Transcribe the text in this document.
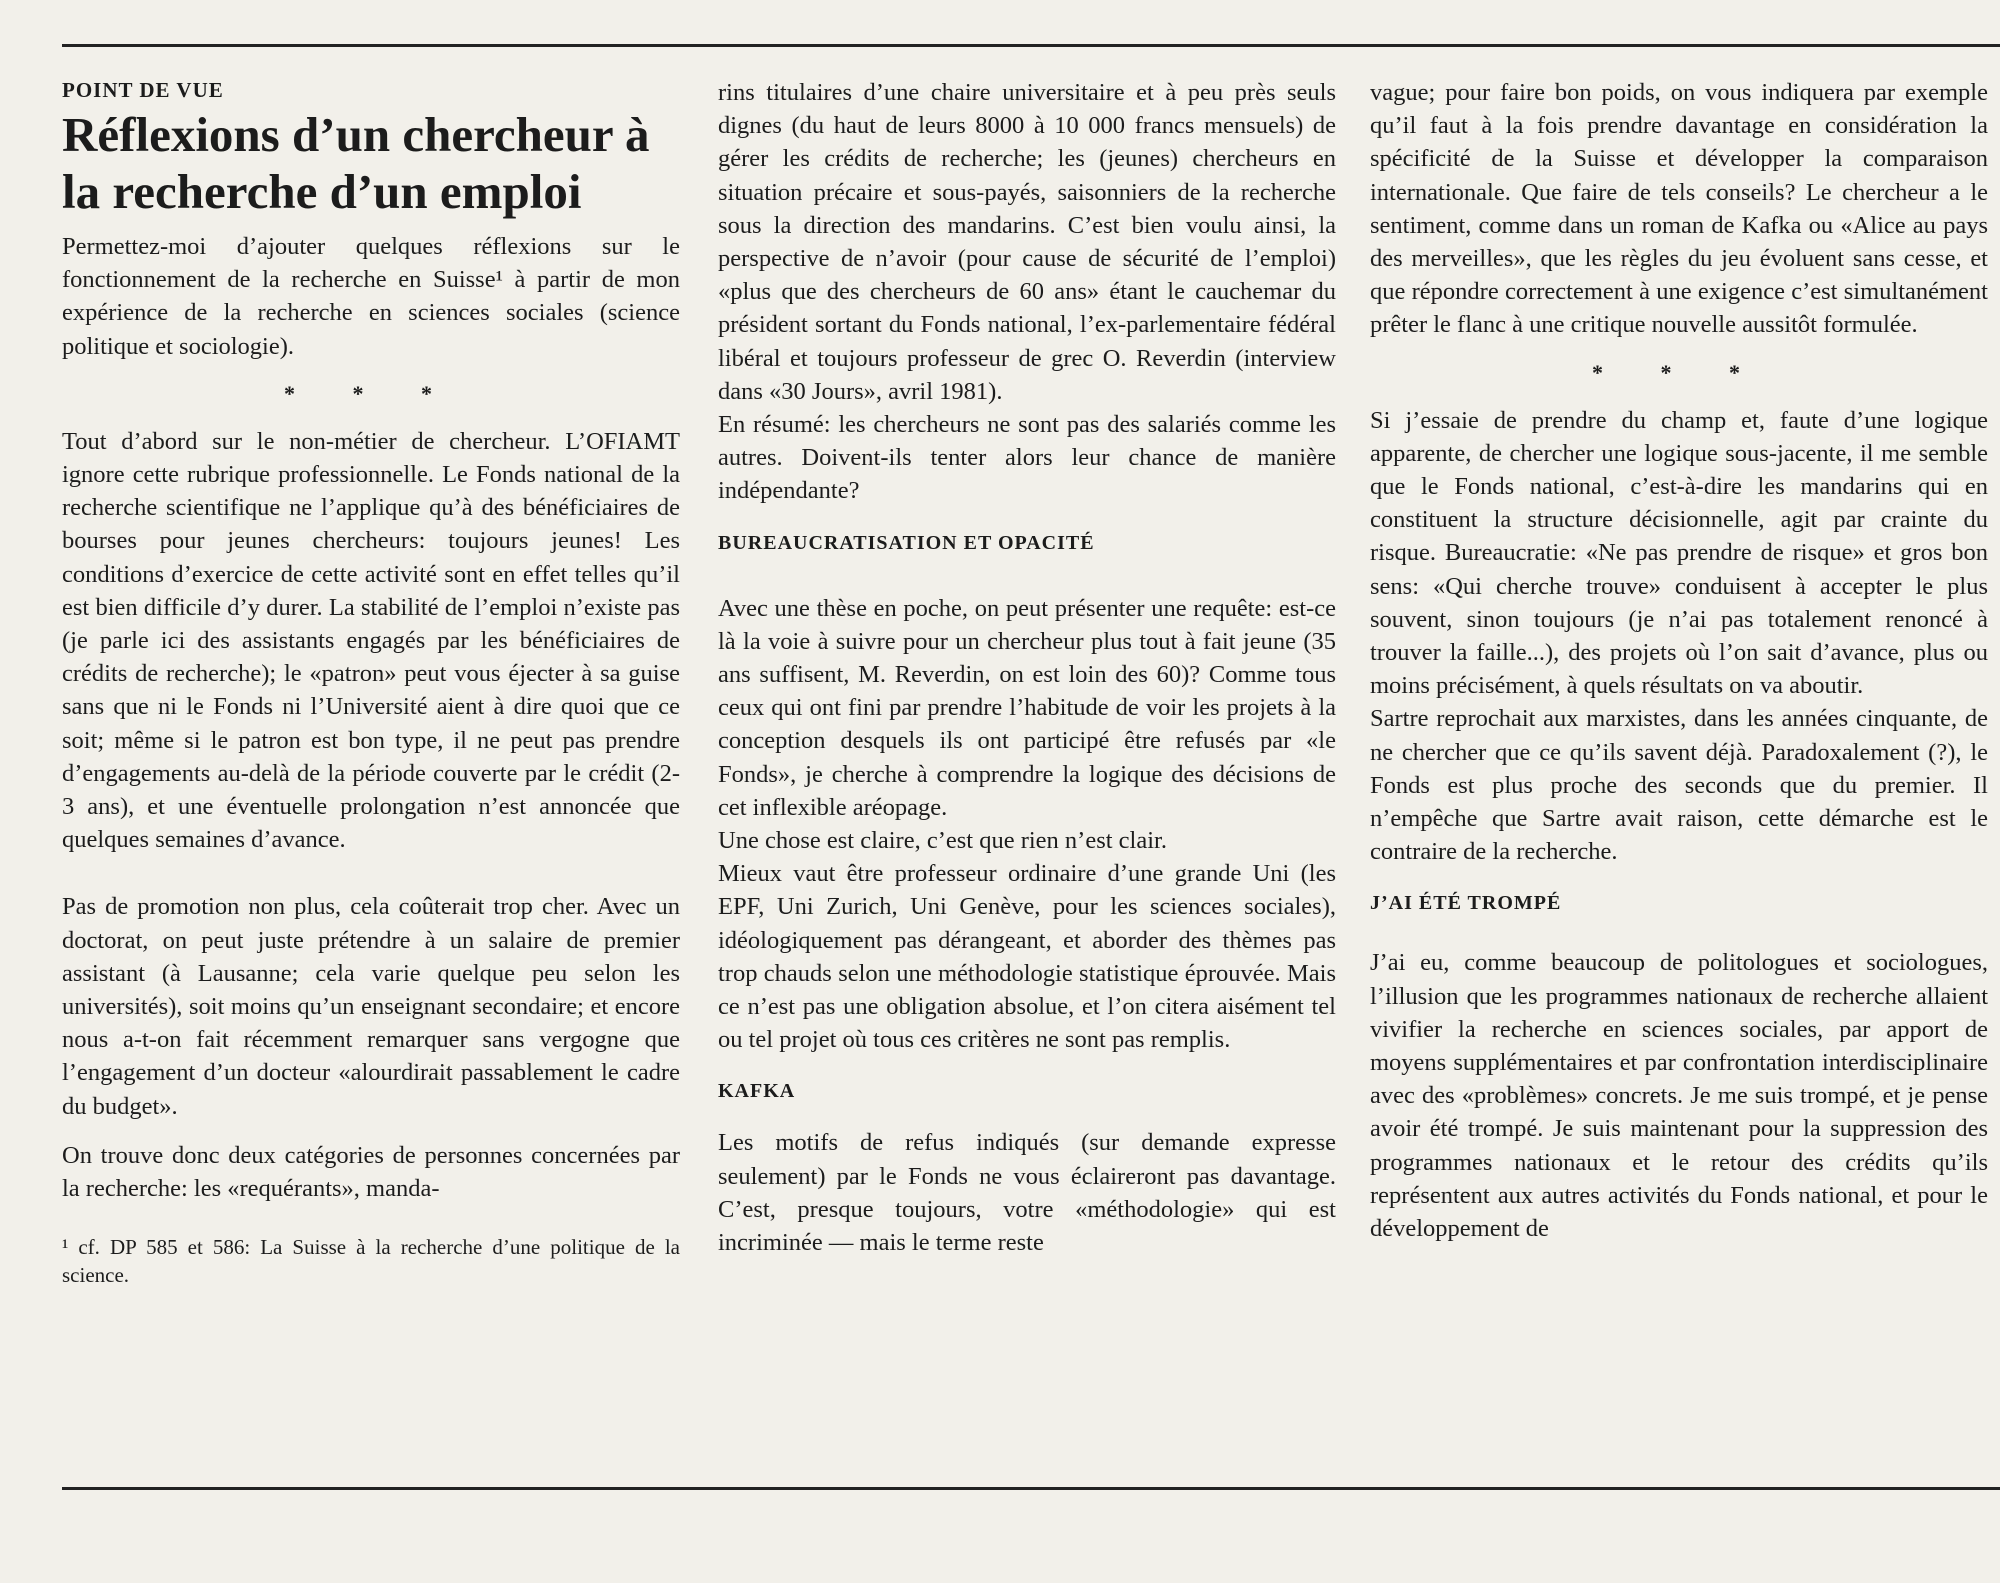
POINT DE VUE
Réflexions d’un chercheur à la recherche d’un emploi

Permettez-moi d’ajouter quelques réflexions sur le fonctionnement de la recherche en Suisse¹ à partir de mon expérience de la recherche en sciences sociales (science politique et sociologie).

* * *

Tout d’abord sur le non-métier de chercheur. L’OFIAMT ignore cette rubrique professionnelle. Le Fonds national de la recherche scientifique ne l’applique qu’à des bénéficiaires de bourses pour jeunes chercheurs: toujours jeunes! Les conditions d’exercice de cette activité sont en effet telles qu’il est bien difficile d’y durer. La stabilité de l’emploi n’existe pas (je parle ici des assistants engagés par les bénéficiaires de crédits de recherche); le «patron» peut vous éjecter à sa guise sans que ni le Fonds ni l’Université aient à dire quoi que ce soit; même si le patron est bon type, il ne peut pas prendre d’engagements au-delà de la période couverte par le crédit (2-3 ans), et une éventuelle prolongation n’est annoncée que quelques semaines d’avance.

Pas de promotion non plus, cela coûterait trop cher. Avec un doctorat, on peut juste prétendre à un salaire de premier assistant (à Lausanne; cela varie quelque peu selon les universités), soit moins qu’un enseignant secondaire; et encore nous a-t-on fait récemment remarquer sans vergogne que l’engagement d’un docteur «alourdirait passablement le cadre du budget».

On trouve donc deux catégories de personnes concernées par la recherche: les «requérants», manda-

¹ cf. DP 585 et 586: La Suisse à la recherche d’une politique de la science.

rins titulaires d’une chaire universitaire et à peu près seuls dignes (du haut de leurs 8000 à 10 000 francs mensuels) de gérer les crédits de recherche; les (jeunes) chercheurs en situation précaire et sous-payés, saisonniers de la recherche sous la direction des mandarins. C’est bien voulu ainsi, la perspective de n’avoir (pour cause de sécurité de l’emploi) «plus que des chercheurs de 60 ans» étant le cauchemar du président sortant du Fonds national, l’ex-parlementaire fédéral libéral et toujours professeur de grec O. Reverdin (interview dans «30 Jours», avril 1981).

En résumé: les chercheurs ne sont pas des salariés comme les autres. Doivent-ils tenter alors leur chance de manière indépendante?

BUREAUCRATISATION ET OPACITÉ

Avec une thèse en poche, on peut présenter une requête: est-ce là la voie à suivre pour un chercheur plus tout à fait jeune (35 ans suffisent, M. Reverdin, on est loin des 60)? Comme tous ceux qui ont fini par prendre l’habitude de voir les projets à la conception desquels ils ont participé être refusés par «le Fonds», je cherche à comprendre la logique des décisions de cet inflexible aréopage.

Une chose est claire, c’est que rien n’est clair.

Mieux vaut être professeur ordinaire d’une grande Uni (les EPF, Uni Zurich, Uni Genève, pour les sciences sociales), idéologiquement pas dérangeant, et aborder des thèmes pas trop chauds selon une méthodologie statistique éprouvée. Mais ce n’est pas une obligation absolue, et l’on citera aisément tel ou tel projet où tous ces critères ne sont pas remplis.

KAFKA

Les motifs de refus indiqués (sur demande expresse seulement) par le Fonds ne vous éclaireront pas davantage. C’est, presque toujours, votre «méthodologie» qui est incriminée — mais le terme reste

vague; pour faire bon poids, on vous indiquera par exemple qu’il faut à la fois prendre davantage en considération la spécificité de la Suisse et développer la comparaison internationale. Que faire de tels conseils? Le chercheur a le sentiment, comme dans un roman de Kafka ou «Alice au pays des merveilles», que les règles du jeu évoluent sans cesse, et que répondre correctement à une exigence c’est simultanément prêter le flanc à une critique nouvelle aussitôt formulée.

* * *

Si j’essaie de prendre du champ et, faute d’une logique apparente, de chercher une logique sous-jacente, il me semble que le Fonds national, c’est-à-dire les mandarins qui en constituent la structure décisionnelle, agit par crainte du risque. Bureaucratie: «Ne pas prendre de risque» et gros bon sens: «Qui cherche trouve» conduisent à accepter le plus souvent, sinon toujours (je n’ai pas totalement renoncé à trouver la faille...), des projets où l’on sait d’avance, plus ou moins précisément, à quels résultats on va aboutir.

Sartre reprochait aux marxistes, dans les années cinquante, de ne chercher que ce qu’ils savent déjà. Paradoxalement (?), le Fonds est plus proche des seconds que du premier. Il n’empêche que Sartre avait raison, cette démarche est le contraire de la recherche.

J’AI ÉTÉ TROMPÉ

J’ai eu, comme beaucoup de politologues et sociologues, l’illusion que les programmes nationaux de recherche allaient vivifier la recherche en sciences sociales, par apport de moyens supplémentaires et par confrontation interdisciplinaire avec des «problèmes» concrets. Je me suis trompé, et je pense avoir été trompé. Je suis maintenant pour la suppression des programmes nationaux et le retour des crédits qu’ils représentent aux autres activités du Fonds national, et pour le développement de
